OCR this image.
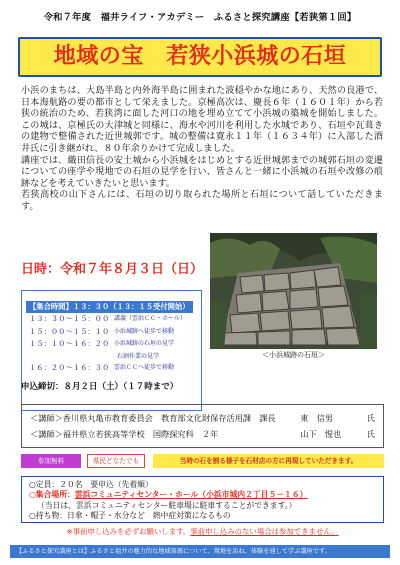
令和７年度　福井ライフ・アカデミー　ふるさと探究講座【若狭第１回】
地域の宝　若狭小浜城の石垣

小浜のまちは、大島半島と内外海半島に囲まれた波穏やかな地にあり、天然の良港で、日本海航路の要の都市として栄えました。京極高次は、慶長６年（１６０１年）から若狭の統治のため、若狭湾に面した河口の地を埋め立てて小浜城の築城を開始しました。この城は、京極氏の大津城と同様に、海水や河川を利用した水城であり、石垣や瓦葺きの建物で整備された近世城郭です。城の整備は寛永１１年（１６３４年）に入部した酒井氏に引き継がれ、８０年余りかけて完成しました。

講座では、織田信長の安土城から小浜城をはじめとする近世城郭までの城郭石垣の変遷についての座学や現地での石垣の見学を行い、皆さんと一緒に小浜城の石垣や改修の痕跡などを考えていきたいと思います。

若狭高校の山下さんには、石垣の切り取られた場所と石垣について話していただきます。

日時：令和７年８月３日（日）
【集合時間】１３：３０（１３：１５受付開始）
１３：３０～１５：００ 講義（雲浜ＣＣ・ホール）
１５：００～１５：１０ 小浜城跡へ徒歩で移動
１５：１０～１６：２０ 小浜城跡の石垣の見学
石割作業の見学
１６：２０～１６：３０ 雲浜ＣＣへ徒歩で移動
＜小浜城跡の石垣＞
申込締切：８月２日（土）（１７時まで）
＜講師＞ 香川県丸亀市教育委員会　教育部文化財保存活用課　課長	東　信男	氏
＜講師＞ 福井県立若狭高等学校　国際探究科　２年	山下　惺也	氏
参加無料	県民どなたでも	当時の石を割る様子を石材店の方に再現していただきます。
○定員：２０名　要申込（先着順）
○集合場所：雲浜コミュニティセンター・ホール（小浜市城内２丁目５－１６）
（当日は、雲浜コミュニティセンター駐車場に駐車することができます。）
○持ち物：日傘・帽子・水分など　熱中症対策になるもの
※事前申し込みを必ずお願いします。事前申し込みのない場合は参加できません。
【ふるさと探究講座とは】ふるさと福井の魅力的な地域資源について、現地を訪ね、体験を通して学ぶ講座です。
